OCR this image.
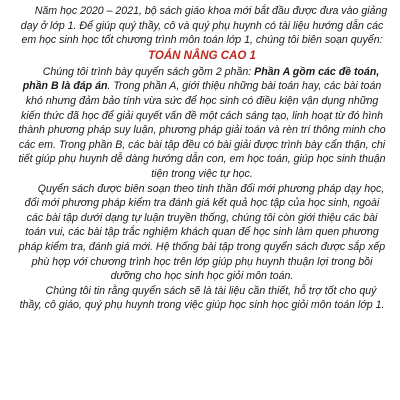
Năm học 2020 – 2021, bộ sách giáo khoa mới bắt đầu được đưa vào giảng dạy ở lớp 1. Để giúp quý thầy, cô và quý phụ huynh có tài liệu hướng dẫn các em học sinh học tốt chương trình môn toán lớp 1, chúng tôi biên soạn quyển:

TOÁN NÂNG CAO 1

Chúng tôi trình bày quyển sách gồm 2 phần: Phần A gồm các đề toán, phần B là đáp án. Trong phần A, giới thiệu những bài toán hay, các bài toán khó nhưng đảm bảo tính vừa sức để học sinh có điều kiện vận dụng những kiến thức đã học để giải quyết vấn đề một cách sáng tạo, linh hoạt từ đó hình thành phương pháp suy luận, phương pháp giải toán và rèn trí thông minh cho các em. Trong phần B, các bài tập đều có bài giải được trình bày cẩn thận, chi tiết giúp phụ huynh dễ dàng hướng dẫn con, em học toán, giúp học sinh thuận tiện trong việc tự học.

Quyển sách được biên soạn theo tinh thần đổi mới phương pháp dạy học, đổi mới phương pháp kiểm tra đánh giá kết quả học tập của học sinh, ngoài các bài tập dưới dạng tự luận truyền thống, chúng tôi còn giới thiệu các bài toán vui, các bài tập trắc nghiệm khách quan để học sinh làm quen phương pháp kiểm tra, đánh giá mới. Hệ thống bài tập trong quyển sách được sắp xếp phù hợp với chương trình học trên lớp giúp phụ huynh thuận lợi trong bồi dưỡng cho học sinh học giỏi môn toán.

Chúng tôi tin rằng quyển sách sẽ là tài liệu cần thiết, hỗ trợ tốt cho quý thầy, cô giáo, quý phụ huynh trong việc giúp học sinh học giỏi môn toán lớp 1.
